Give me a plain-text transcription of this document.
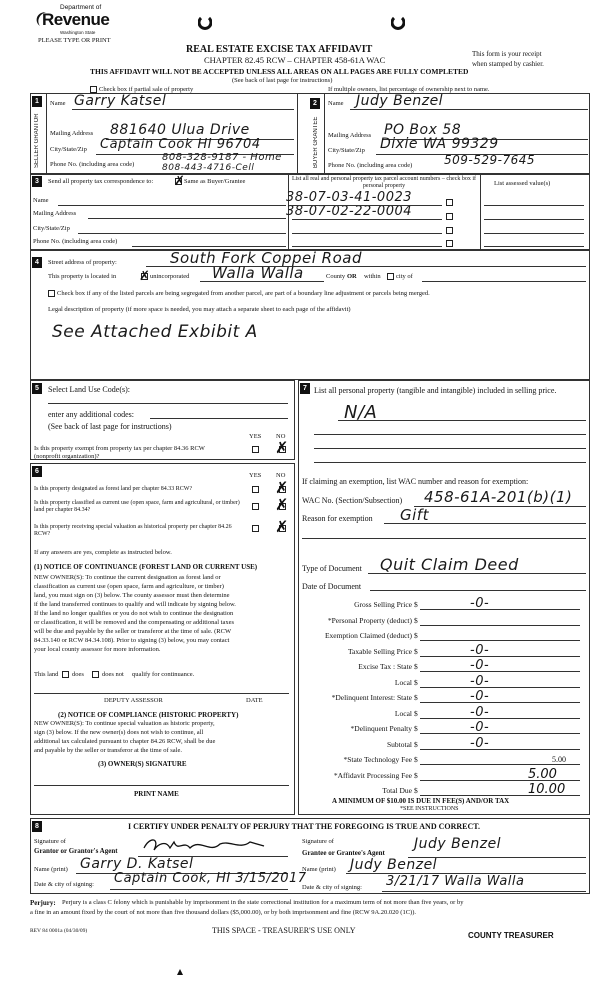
Department of
Revenue
Washington State
PLEASE TYPE OR PRINT
REAL ESTATE EXCISE TAX AFFIDAVIT
CHAPTER 82.45 RCW – CHAPTER 458-61A WAC
This form is your receipt
when stamped by cashier.
THIS AFFIDAVIT WILL NOT BE ACCEPTED UNLESS ALL AREAS ON ALL PAGES ARE FULLY COMPLETED
(See back of last page for instructions)
Check box if partial sale of property	If multiple owners, list percentage of ownership next to name.
1
SELLER GRANTOR
Name Garry Katsel
Mailing Address 881640 Ulua Drive
City/State/Zip Captain Cook HI 96704
Phone No. (including area code)
808-328-9187 - Home
808-443-4716-Cell
2
BUYER GRANTEE
Name Judy Benzel
Mailing Address PO Box 58
City/State/Zip Dixie WA 99329
Phone No. (including area code)	509-529-7645
3	Send all property tax correspondence to: ✗ Same as Buyer/Grantee	List all real and personal property tax parcel account numbers – check box if personal property	List assessed value(s)
Name
Mailing Address
City/State/Zip
Phone No. (including area code)
38-07-03-41-0023
38-07-02-22-0004
4	Street address of property:	South Fork Coppei Road
This property is located in ✗ unincorporated Walla Walla	County OR within city of
Check box if any of the listed parcels are being segregated from another parcel, are part of a boundary line adjustment or parcels being merged.
Legal description of property (if more space is needed, you may attach a separate sheet to each page of the affidavit)
See Attached Exbibit A
5	Select Land Use Code(s):
enter any additional codes:
(See back of last page for instructions)
YES NO
Is this property exempt from property tax per chapter 84.36 RCW (nonprofit organization)?	✗
6
YES NO
Is this property designated as forest land per chapter 84.33 RCW?	✗
Is this property classified as current use (open space, farm and agricultural, or timber) land per chapter 84.34?	✗
Is this property receiving special valuation as historical property per chapter 84.26 RCW?	✗
If any answers are yes, complete as instructed below.
(1) NOTICE OF CONTINUANCE (FOREST LAND OR CURRENT USE)
NEW OWNER(S): To continue the current designation as forest land or
classification as current use (open space, farm and agriculture, or timber)
land, you must sign on (3) below. The county assessor must then determine
if the land transferred continues to qualify and will indicate by signing below.
If the land no longer qualifies or you do not wish to continue the designation
or classification, it will be removed and the compensating or additional taxes
will be due and payable by the seller or transferor at the time of sale. (RCW
84.33.140 or RCW 84.34.108). Prior to signing (3) below, you may contact
your local county assessor for more information.
This land does	does not qualify for continuance.
DEPUTY ASSESSOR	DATE
(2) NOTICE OF COMPLIANCE (HISTORIC PROPERTY)
NEW OWNER(S): To continue special valuation as historic property,
sign (3) below. If the new owner(s) does not wish to continue, all
additional tax calculated pursuant to chapter 84.26 RCW, shall be due
and payable by the seller or transferor at the time of sale.
(3) OWNER(S) SIGNATURE
PRINT NAME
7 List all personal property (tangible and intangible) included in selling price.
N/A
If claiming an exemption, list WAC number and reason for exemption:
WAC No. (Section/Subsection) 458-61A-201(b)(1)
Reason for exemption Gift
Type of Document Quit Claim Deed
Date of Document
Gross Selling Price $	-0-
*Personal Property (deduct) $
Exemption Claimed (deduct) $
Taxable Selling Price $	-0-
Excise Tax : State $	-0-
Local $	-0-
*Delinquent Interest: State $	-0-
Local $	-0-
*Delinquent Penalty $	-0-
Subtotal $	-0-
*State Technology Fee $	5.00
*Affidavit Processing Fee $	5.00
Total Due $	10.00
A MINIMUM OF $10.00 IS DUE IN FEE(S) AND/OR TAX
*SEE INSTRUCTIONS
8	I CERTIFY UNDER PENALTY OF PERJURY THAT THE FOREGOING IS TRUE AND CORRECT.
Signature of
Grantor or Grantor's Agent
Name (print) Garry D. Katsel
Date & city of signing: Captain Cook, HI 3/15/2017
Signature of
Grantee or Grantee's Agent
Judy Benzel
Name (print) Judy Benzel
Date & city of signing: 3/21/17 Walla Walla
Perjury: Perjury is a class C felony which is punishable by imprisonment in the state correctional institution for a maximum term of not more than five years, or by
a fine in an amount fixed by the court of not more than five thousand dollars ($5,000.00), or by both imprisonment and fine (RCW 9A.20.020 (1C)).
REV 84 0001a (04/30/09)	THIS SPACE - TREASURER'S USE ONLY
COUNTY TREASURER
